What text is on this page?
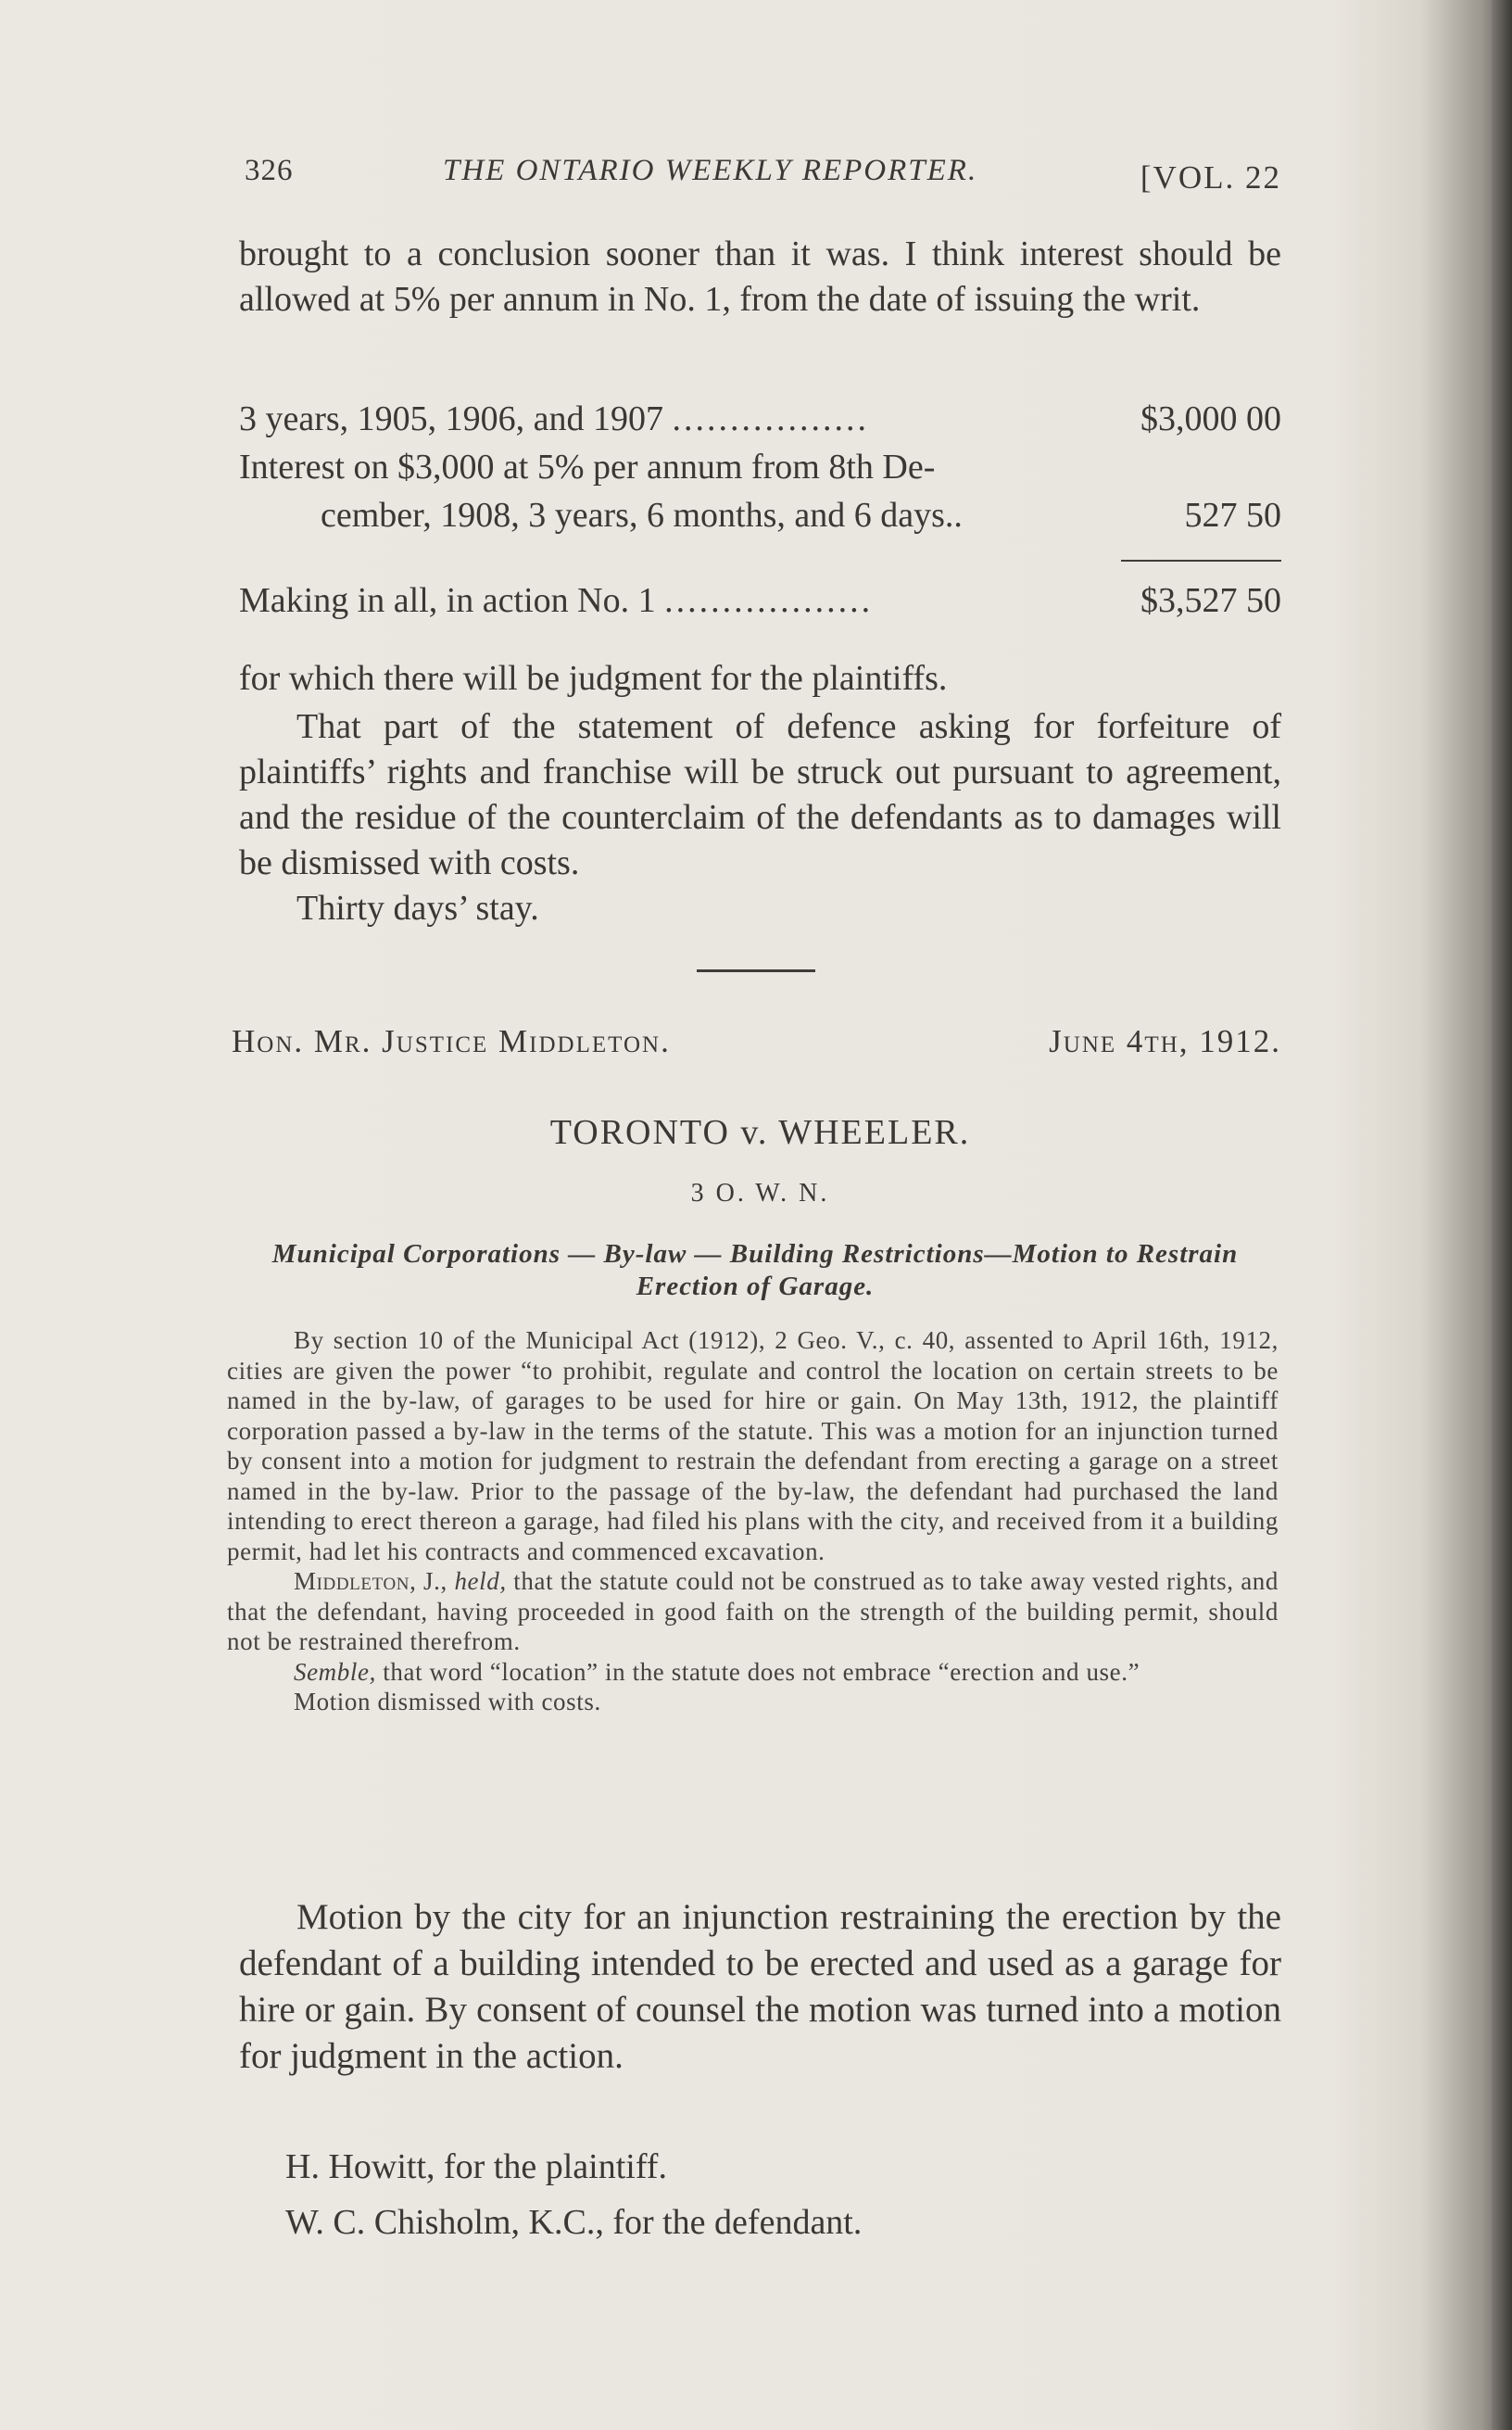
326	THE ONTARIO WEEKLY REPORTER.	[VOL. 22

brought to a conclusion sooner than it was. I think interest should be allowed at 5% per annum in No. 1, from the date of issuing the writ.

3 years, 1905, 1906, and 1907 .................	$3,000 00
Interest on $3,000 at 5% per annum from 8th De-
cember, 1908, 3 years, 6 months, and 6 days..	527 50
Making in all, in action No. 1 ..................	$3,527 50

for which there will be judgment for the plaintiffs.

That part of the statement of defence asking for forfeiture of plaintiffs’ rights and franchise will be struck out pursuant to agreement, and the residue of the counterclaim of the defendants as to damages will be dismissed with costs.

Thirty days’ stay.

Hon. Mr. Justice Middleton.	June 4th, 1912.
TORONTO v. WHEELER.
3 O. W. N.
Municipal Corporations — By-law — Building Restrictions—Motion to Restrain Erection of Garage.

By section 10 of the Municipal Act (1912), 2 Geo. V., c. 40, assented to April 16th, 1912, cities are given the power “to prohibit, regulate and control the location on certain streets to be named in the by-law, of garages to be used for hire or gain. On May 13th, 1912, the plaintiff corporation passed a by-law in the terms of the statute. This was a motion for an injunction turned by consent into a motion for judgment to restrain the defendant from erecting a garage on a street named in the by-law. Prior to the passage of the by-law, the defendant had purchased the land intending to erect thereon a garage, had filed his plans with the city, and received from it a building permit, had let his contracts and commenced excavation.

Middleton, J., held, that the statute could not be construed as to take away vested rights, and that the defendant, having proceeded in good faith on the strength of the building permit, should not be restrained therefrom.

Semble, that word “location” in the statute does not embrace “erection and use.”

Motion dismissed with costs.

Motion by the city for an injunction restraining the erection by the defendant of a building intended to be erected and used as a garage for hire or gain. By consent of counsel the motion was turned into a motion for judgment in the action.

H. Howitt, for the plaintiff.
W. C. Chisholm, K.C., for the defendant.
